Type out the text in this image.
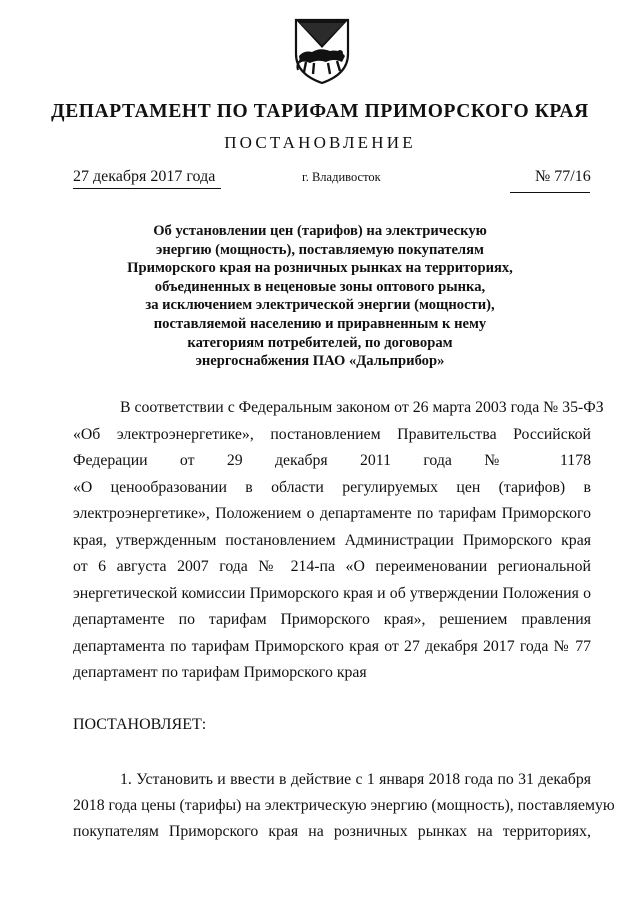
ДЕПАРТАМЕНТ ПО ТАРИФАМ ПРИМОРСКОГО КРАЯ
ПОСТАНОВЛЕНИЕ
27 декабря 2017 года	г. Владивосток	№ 77/16
Об установлении цен (тарифов) на электрическую
энергию (мощность), поставляемую покупателям
Приморского края на розничных рынках на территориях,
объединенных в неценовые зоны оптового рынка,
за исключением электрической энергии (мощности),
поставляемой населению и приравненным к нему
категориям потребителей, по договорам
энергоснабжения ПАО «Дальприбор»
В соответствии с Федеральным законом от 26 марта 2003 года № 35-ФЗ
«Об электроэнергетике», постановлением Правительства Российской
Федерации от 29 декабря 2011 года № 1178
«О ценообразовании в области регулируемых цен (тарифов) в
электроэнергетике», Положением о департаменте по тарифам Приморского
края, утвержденным постановлением Администрации Приморского края
от 6 августа 2007 года № 214-па «О переименовании региональной
энергетической комиссии Приморского края и об утверждении Положения о
департаменте по тарифам Приморского края», решением правления
департамента по тарифам Приморского края от 27 декабря 2017 года № 77
департамент по тарифам Приморского края
ПОСТАНОВЛЯЕТ:
1. Установить и ввести в действие с 1 января 2018 года по 31 декабря
2018 года цены (тарифы) на электрическую энергию (мощность), поставляемую
покупателям Приморского края на розничных рынках на территориях,
